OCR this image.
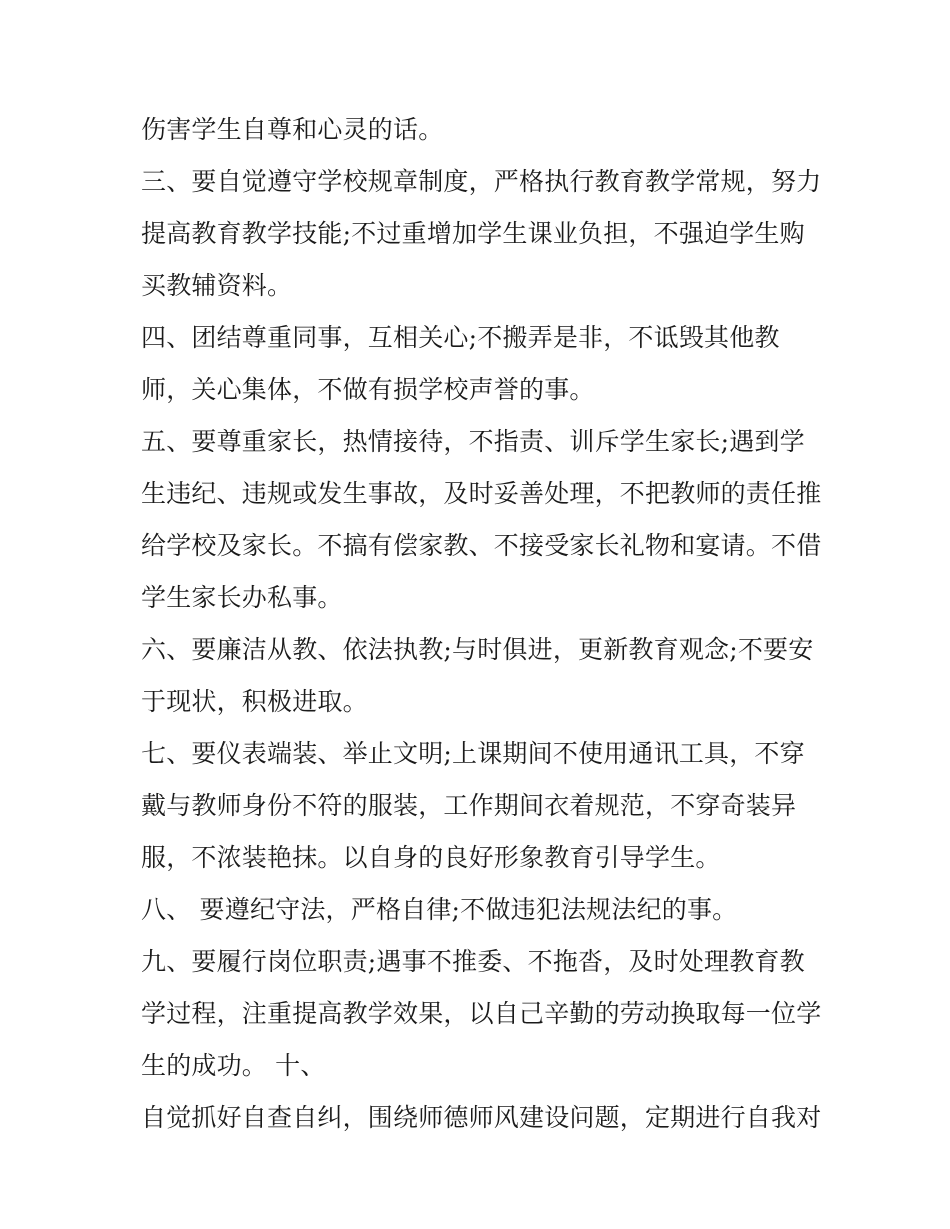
伤害学生自尊和心灵的话。
三、要自觉遵守学校规章制度，严格执行教育教学常规，努力
提高教育教学技能;不过重增加学生课业负担，不强迫学生购
买教辅资料。
四、团结尊重同事，互相关心;不搬弄是非，不诋毁其他教
师，关心集体，不做有损学校声誉的事。
五、要尊重家长，热情接待，不指责、训斥学生家长;遇到学
生违纪、违规或发生事故，及时妥善处理，不把教师的责任推
给学校及家长。不搞有偿家教、不接受家长礼物和宴请。不借
学生家长办私事。
六、要廉洁从教、依法执教;与时俱进，更新教育观念;不要安
于现状，积极进取。
七、要仪表端装、举止文明;上课期间不使用通讯工具，不穿
戴与教师身份不符的服装，工作期间衣着规范，不穿奇装异
服，不浓装艳抹。以自身的良好形象教育引导学生。
八、 要遵纪守法，严格自律;不做违犯法规法纪的事。
九、要履行岗位职责;遇事不推委、不拖沓，及时处理教育教
学过程，注重提高教学效果，以自己辛勤的劳动换取每一位学
生的成功。 十、
自觉抓好自查自纠，围绕师德师风建设问题，定期进行自我对
